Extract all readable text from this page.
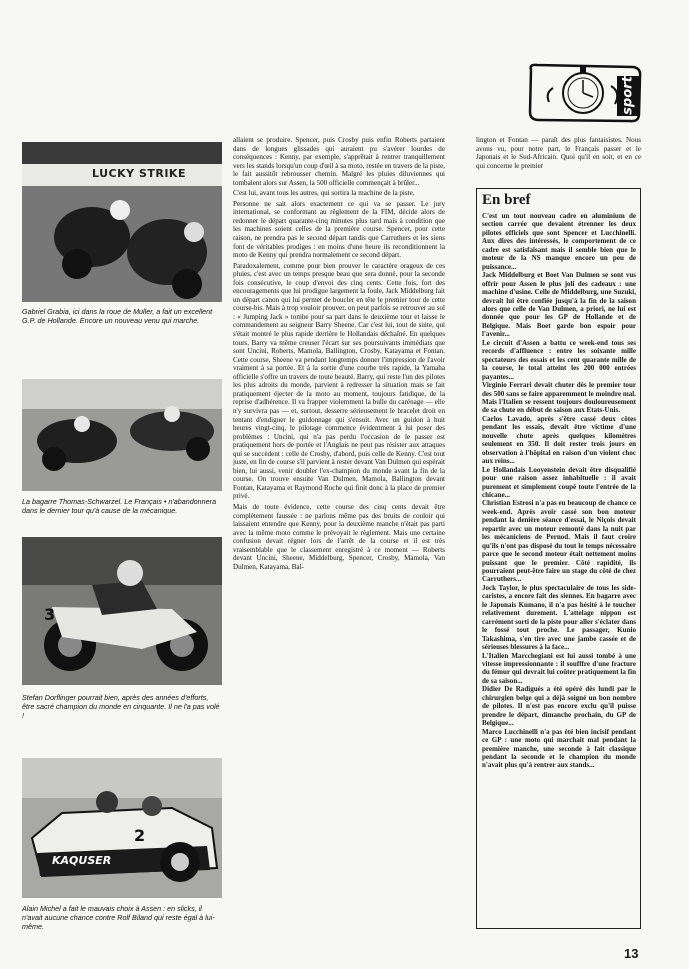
sport
LUCKY STRIKE
Gabriel Grabia, ici dans la roue de Muller, a fait un excellent G.P. de Hollande. Encore un nouveau venu qui marche.
La bagarre Thomas-Schwarzel. Le Français • n'abandonnera dans le dernier tour qu'à cause de la mécanique.
3
Stefan Dorflinger pourrait bien, après des années d'efforts, être sacré champion du monde en cinquante. Il ne l'a pas volé !
KAQUSER
2
Alain Michel a fait le mauvais choix à Assen : en slicks, il n'avait aucune chance contre Rolf Biland qui reste égal à lui-même.

allaient se produire. Spencer, puis Crosby puis enfin Roberts partaient dans de longues glissades qui auraient pu s'avérer lourdes de conséquences : Kenny, par exemple, s'apprêtait à rentrer tranquillement vers les stands lorsqu'un coup d'œil à sa moto, restée en travers de la piste, le fait aussitôt rebrousser chemin. Malgré les pluies diluviennes qui tombaient alors sur Assen, la 500 officielle commençait à brûler...

C'est lui, avant tous les autres, qui sortira la machine de la piste.

Personne ne sait alors exactement ce qui va se passer. Le jury international, se conformant au règlement de la FIM, décide alors de redonner le départ quarante-cinq minutes plus tard mais à condition que les machines soient celles de la première course. Spencer, pour cette raison, ne prendra pas le second départ tandis que Carruthers et les siens font de véritables prodiges : en moins d'une heure ils reconditionnent la moto de Kenny qui prendra normalement ce second départ.

Paradoxalement, comme pour bien prouver le caractère orageux de ces pluies, c'est avec un temps presque beau que sera donné, pour la seconde fois consécutive, le coup d'envoi des cinq cents. Cette fois, fort des encouragements que lui prodigue largement la foule, Jack Middelburg fait un départ canon qui lui permet de boucler en tête le premier tour de cette course-bis. Mais à trop vouloir prouver, on peut parfois se retrouver au sol : « Jumping Jack » tombe pour sa part dans le deuxième tour et laisse le commandement au seigneur Barry Sheene. Car c'est lui, tout de suite, qui s'était montré le plus rapide derrière le Hollandais déchaîné. En quelques tours, Barry va même creuser l'écart sur ses poursuivants immédiats que sont Uncini, Roberts, Mamola, Ballington, Crosby, Katayama et Fontan. Cette course, Sheene va pendant longtemps donner l'impression de l'avoir vraiment à sa portée. Et à la sortie d'une courbe très rapide, la Yamaha officielle s'offre un travers de toute beauté. Barry, qui reste l'un des pilotes les plus adroits du monde, parvient à redresser la situation mais se fait pratiquement éjecter de la moto au moment, toujours fatidique, de la reprise d'adhérence. Il va frapper violemment la bulle du carénage — elle n'y survivra pas — et, surtout, desserre sérieusement le bracelet droit en tentant d'endiguer le guidonnage qui s'ensuit. Avec un guidon à huit heures vingt-cinq, le pilotage commence évidemment à lui poser des problèmes : Uncini, qui n'a pas perdu l'occasion de le passer est pratiquement hors de portée et l'Anglais ne peut pas résister aux attaques qui se succèdent : celle de Crosby, d'abord, puis celle de Kenny. C'est tout juste, en fin de course s'il parvient à rester devant Van Dulmen qui espérait bien, lui aussi, venir doubler l'ex-champion du monde avant la fin de la course. On trouve ensuite Van Dulmen, Mamola, Ballington devant Fontan, Katayama et Raymond Roche qui finit donc à la place de premier privé.

Mais de toute évidence, cette course des cinq cents devait être complètement faussée : ne parlons même pas des bruits de couloir qui laissaient entendre que Kenny, pour la deuxième manche n'était pas parti avec la même moto comme le prévoyait le règlement. Mais une certaine confusion devait régner lors de l'arrêt de la course et il est très vraisemblable que le classement enregistré à ce moment — Roberts devant Uncini, Sheene, Middelburg, Spencer, Crosby, Mamola, Van Dulmen, Katayama, Bal-

lington et Fontan — paraît des plus fantaisistes. Nous avons vu, pour notre part, le Français passer et le Japonais et le Sud-Africain. Quoi qu'il en soit, et en ce qui concerne le premier

En bref

C'est un tout nouveau cadre en aluminium de section carrée que devaient étrenner les deux pilotes officiels que sont Spencer et Lucchinelli. Aux dires des intéressés, le comportement de ce cadre est satisfaisant mais il semble bien que le moteur de la NS manque encore un peu de puissance...

Jack Middelburg et Boet Van Dulmen se sont vus offrir pour Assen le plus joli des cadeaux : une machine d'usine. Celle de Middelburg, une Suzuki, devrait lui être confiée jusqu'à la fin de la saison alors que celle de Van Dulmen, a priori, ne lui est donnée que pour les GP de Hollande et de Belgique. Mais Boet garde bon espoir pour l'avenir...

Le circuit d'Assen a battu ce week-end tous ses records d'affluence : entre les soixante mille spectateurs des essais et les cent quarante mille de la course, le total atteint les 200 000 entrées payantes...

Virginio Ferrari devait chuter dès le premier tour des 500 sans se faire apparemment le moindre mal. Mais l'Italien se ressent toujours douloureusement de sa chute en début de saison aux Etats-Unis.

Carlos Lavado, après s'être cassé deux côtes pendant les essais, devait être victime d'une nouvelle chute après quelques kilomètres seulement en 350. Il doit rester trois jours en observation à l'hôpital en raison d'un violent choc aux reins...

Le Hollandais Looyenstein devait être disqualifié pour une raison assez inhabituelle : il avait purement et simplement coupé toute l'entrée de la chicane...

Christian Estrosi n'a pas eu beaucoup de chance ce week-end. Après avoir cassé son bon moteur pendant la denière séance d'essai, le Niçois devait repartir avec un moteur remonté dans la nuit par les mécaniciens de Pernod. Mais il faut croire qu'ils n'ont pas disposé du tout le temps nécessaire parce que le second moteur était nettement moins puissant que le premier. Côté rapidité, ils pourraient peut-être faire un stage du côté de chez Carruthers...

Jock Taylor, le plus spectaculaire de tous les side-caristes, a encore fait des siennes. En bagarre avec le Japonais Kumano, il n'a pas hésité à le toucher relativement durement. L'attelage nippon est carrément sorti de la piste pour aller s'éclater dans le fossé tout proche. Le passager, Kunio Takashima, s'en tire avec une jambe cassée et de sérieuses blessures à la face...

L'Italien Marcchegiani est lui aussi tombé à une vitesse impressionnante : il soufffre d'une fracture du fémur qui devrait lui coûter pratiquement la fin de sa saison...

Didier De Radiguès a été opéré dès lundi par le chirurgien belge qui a déjà soigné un bon nombre de pilotes. Il n'est pas encore exclu qu'il puisse prendre le départ, dimanche prochain, du GP de Belgique...

Marco Lucchinelli n'a pas été bien incisif pendant ce GP : une moto qui marchait mal pendant la première manche, une seconde à fait classique pendant la seconde et le champion du monde n'avait plus qu'à rentrer aux stands...

13
